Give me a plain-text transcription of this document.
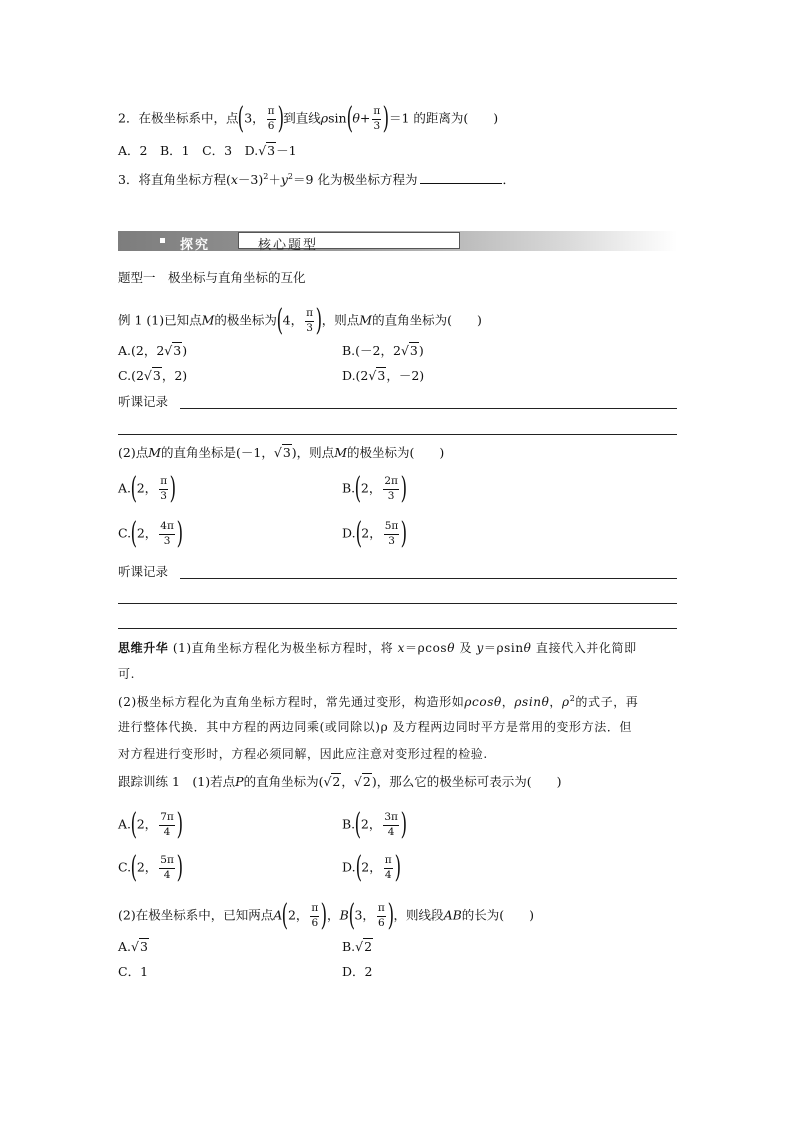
2．在极坐标系中，点(3， $\frac{\pi}{6}$ )到直线$\rho\sin(\theta+ \frac{\pi}{3} )=1$ 的距离为(　　)
A．2　B．1　C．3　D.√3－1
3．将直角坐标方程$(x-3)^2+y^2=9$ 化为极坐标方程为	．
探究	核心题型
题型一　极坐标与直角坐标的互化
例 1 (1)已知点M的极坐标为(4， $\frac{\pi}{3}$ )，则点M的直角坐标为(　　)
A.(2，2√3)	B.(－2，2√3)
C.(2√3，2)	D.(2√3，－2)
听课记录
(2)点M的直角坐标是(－1，√3)，则点M的极坐标为(　　)
A.(2， $\frac{\pi}{3}$ )	B.(2， $\frac{2\pi}{3}$ )
C.(2， $\frac{4\pi}{3}$ )	D.(2， $\frac{5\pi}{3}$ )
听课记录
思维升华 (1)直角坐标方程化为极坐标方程时，将 x＝ρcosθ 及 y＝ρsinθ 直接代入并化简即
可.
(2)极坐标方程化为直角坐标方程时，常先通过变形，构造形如ρcosθ，ρsinθ，$\rho^2$的式子，再
进行整体代换．其中方程的两边同乘(或同除以)ρ 及方程两边同时平方是常用的变形方法．但
对方程进行变形时，方程必须同解，因此应注意对变形过程的检验.
跟踪训练 1　(1)若点P的直角坐标为(√2，√2)，那么它的极坐标可表示为(　　)
A.(2， $\frac{7\pi}{4}$ )	B.(2， $\frac{3\pi}{4}$ )
C.(2， $\frac{5\pi}{4}$ )	D.(2， $\frac{\pi}{4}$ )
(2)在极坐标系中，已知两点A(2， $\frac{\pi}{6}$ )，B(3， $\frac{\pi}{6}$ )，则线段AB的长为(　　)
A.√3	B.√2
C．1	D．2
